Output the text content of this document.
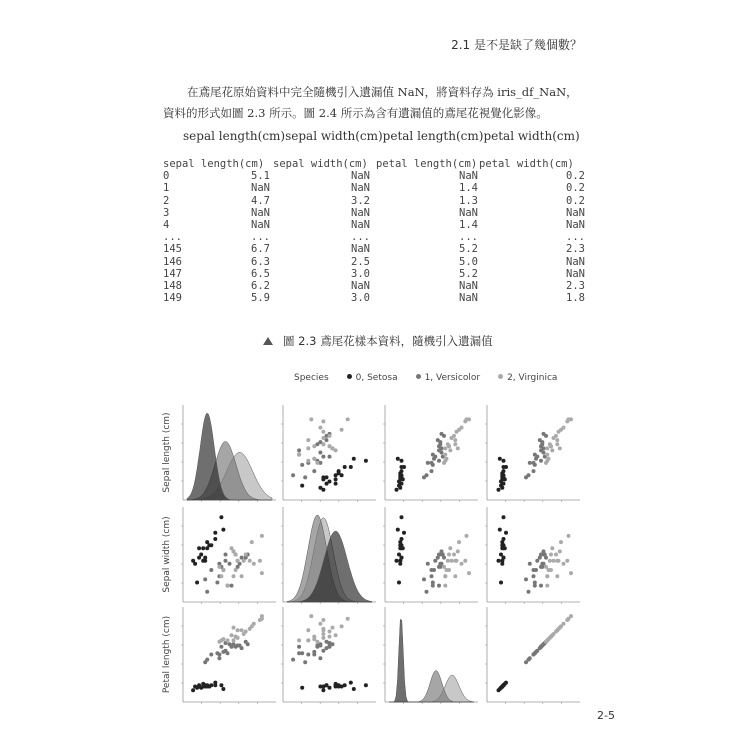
2.1 是不是缺了幾個數？

在鳶尾花原始資料中完全隨機引入遺漏值 NaN，將資料存為 iris_df_NaN，

資料的形式如圖 2.3 所示。圖 2.4 所示為含有遺漏值的鳶尾花視覺化影像。

sepal length(cm)sepal width(cm)petal length(cm)petal width(cm)
sepal length(cm) sepal width(cm) petal length(cm) petal width(cm)
0	5.1	NaN	NaN	0.2
1	NaN	NaN	1.4	0.2
2	4.7	3.2	1.3	0.2
3	NaN	NaN	NaN	NaN
4	NaN	NaN	1.4	NaN
...	...	...	...	...
145	6.7	NaN	5.2	2.3
146	6.3	2.5	5.0	NaN
147	6.5	3.0	5.2	NaN
148	6.2	NaN	NaN	2.3
149	5.9	3.0	NaN	1.8
圖 2.3 鳶尾花樣本資料，隨機引入遺漏值
Species	0, Setosa	1, Versicolor	2, Virginica
Sepal length (cm)
Sepal width (cm)
Petal length (cm)
2-5
